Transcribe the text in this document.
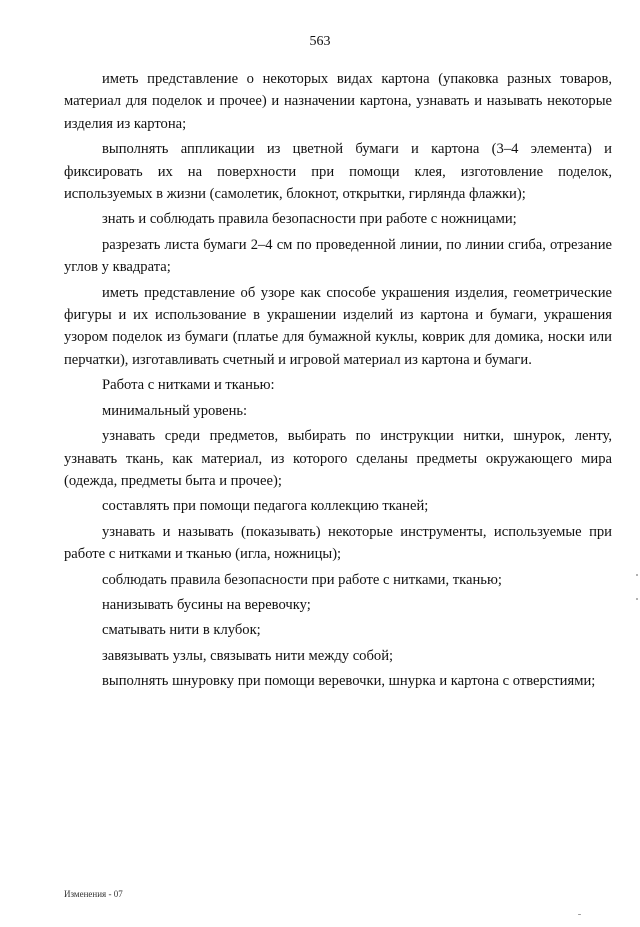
563

иметь представление о некоторых видах картона (упаковка разных товаров, материал для поделок и прочее) и назначении картона, узнавать и называть некоторые изделия из картона;

выполнять аппликации из цветной бумаги и картона (3–4 элемента) и фиксировать их на поверхности при помощи клея, изготовление поделок, используемых в жизни (самолетик, блокнот, открытки, гирлянда флажки);

знать и соблюдать правила безопасности при работе с ножницами;

разрезать листа бумаги 2–4 см по проведенной линии, по линии сгиба, отрезание углов у квадрата;

иметь представление об узоре как способе украшения изделия, геометрические фигуры и их использование в украшении изделий из картона и бумаги, украшения узором поделок из бумаги (платье для бумажной куклы, коврик для домика, носки или перчатки), изготавливать счетный и игровой материал из картона и бумаги.

Работа с нитками и тканью:

минимальный уровень:

узнавать среди предметов, выбирать по инструкции нитки, шнурок, ленту, узнавать ткань, как материал, из которого сделаны предметы окружающего мира (одежда, предметы быта и прочее);

составлять при помощи педагога коллекцию тканей;

узнавать и называть (показывать) некоторые инструменты, используемые при работе с нитками и тканью (игла, ножницы);

соблюдать правила безопасности при работе с нитками, тканью;

нанизывать бусины на веревочку;

сматывать нити в клубок;

завязывать узлы, связывать нити между собой;

выполнять шнуровку при помощи веревочки, шнурка и картона с отверстиями;

Изменения - 07
